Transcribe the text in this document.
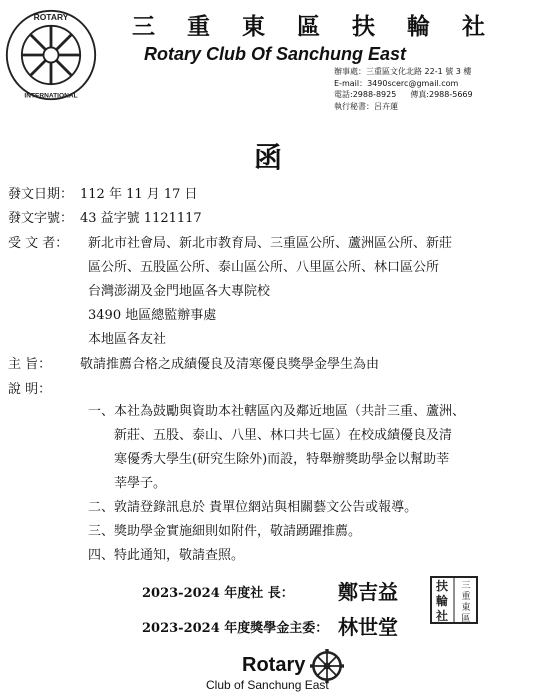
ROTARY
INTERNATIONAL
三 重 東 區 扶 輪 社
Rotary Club Of Sanchung East
辦事處：三重區文化北路 22-1 號 3 樓
E-mail：3490scerc@gmail.com
電話:2988-8925 傳真:2988-5669
執行秘書：呂卉蓮
函
發文日期： 112 年 11 月 17 日
發文字號： 43 益字號 1121117
受 文 者： 新北市社會局、新北市教育局、三重區公所、蘆洲區公所、新莊
區公所、五股區公所、泰山區公所、八里區公所、林口區公所
台灣澎湖及金門地區各大專院校
3490 地區總監辦事處
本地區各友社
主 旨： 敬請推薦合格之成績優良及清寒優良獎學金學生為由
說 明：
一、本社為鼓勵與資助本社轄區內及鄰近地區（共計三重、蘆洲、
新莊、五股、泰山、八里、林口共七區）在校成績優良及清
寒優秀大學生(研究生除外)而設，特舉辦獎助學金以幫助莘
莘學子。
二、敦請登錄訊息於 貴單位網站與相關藝文公告或報導。
三、獎助學金實施細則如附件，敬請踴躍推薦。
四、特此通知，敬請查照。
2023-2024 年度社 長： 鄭吉益
2023-2024 年度獎學金主委： 林世堂
扶
輪
社
三
重
東
區
Rotary
Club of Sanchung East
